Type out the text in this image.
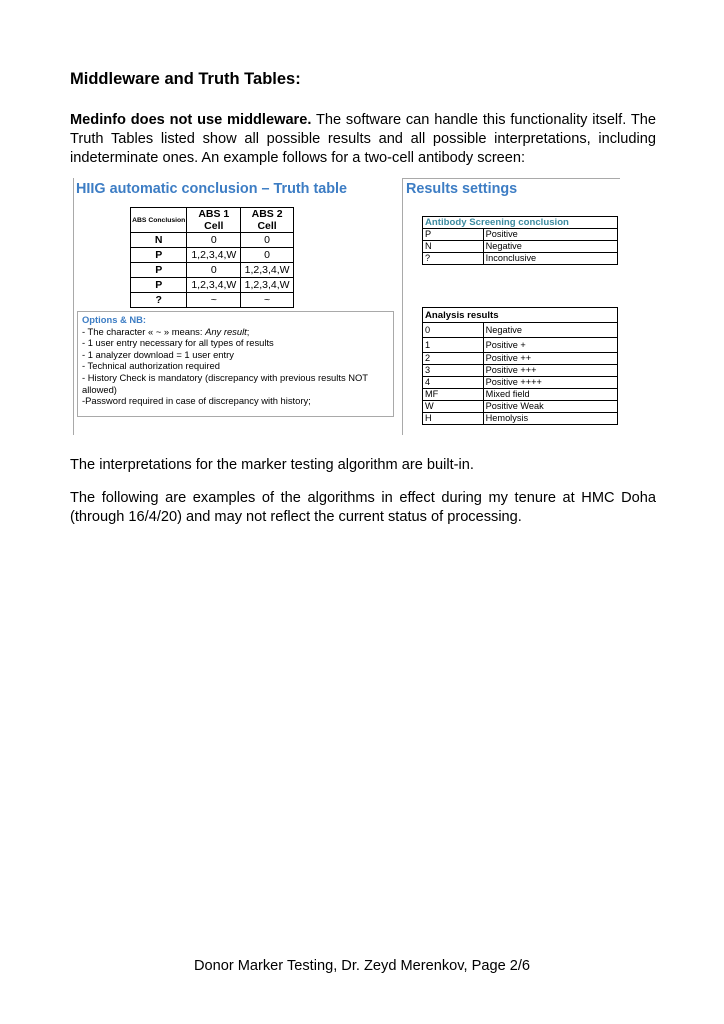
Middleware and Truth Tables:
Medinfo does not use middleware. The software can handle this functionality itself. The Truth Tables listed show all possible results and all possible interpretations, including indeterminate ones. An example follows for a two-cell antibody screen:
HIIG automatic conclusion – Truth table	Results settings
ABS Conclusion	ABS 1 Cell	ABS 2 Cell
N	0	0
P	1,2,3,4,W	0
P	0	1,2,3,4,W
P	1,2,3,4,W	1,2,3,4,W
?	~	~
Options & NB:
- The character « ~ » means: Any result;
- 1 user entry necessary for all types of results
- 1 analyzer download = 1 user entry
- Technical authorization required
- History Check is mandatory (discrepancy with previous results NOT allowed)
-Password required in case of discrepancy with history;
Antibody Screening conclusion	
P	Positive
N	Negative
?	Inconclusive
Analysis results	
0	Negative
1	Positive +
2	Positive ++
3	Positive +++
4	Positive ++++
MF	Mixed field
W	Positive Weak
H	Hemolysis
The interpretations for the marker testing algorithm are built-in.
The following are examples of the algorithms in effect during my tenure at HMC Doha (through 16/4/20) and may not reflect the current status of processing.
Donor Marker Testing, Dr. Zeyd Merenkov, Page 2/6
